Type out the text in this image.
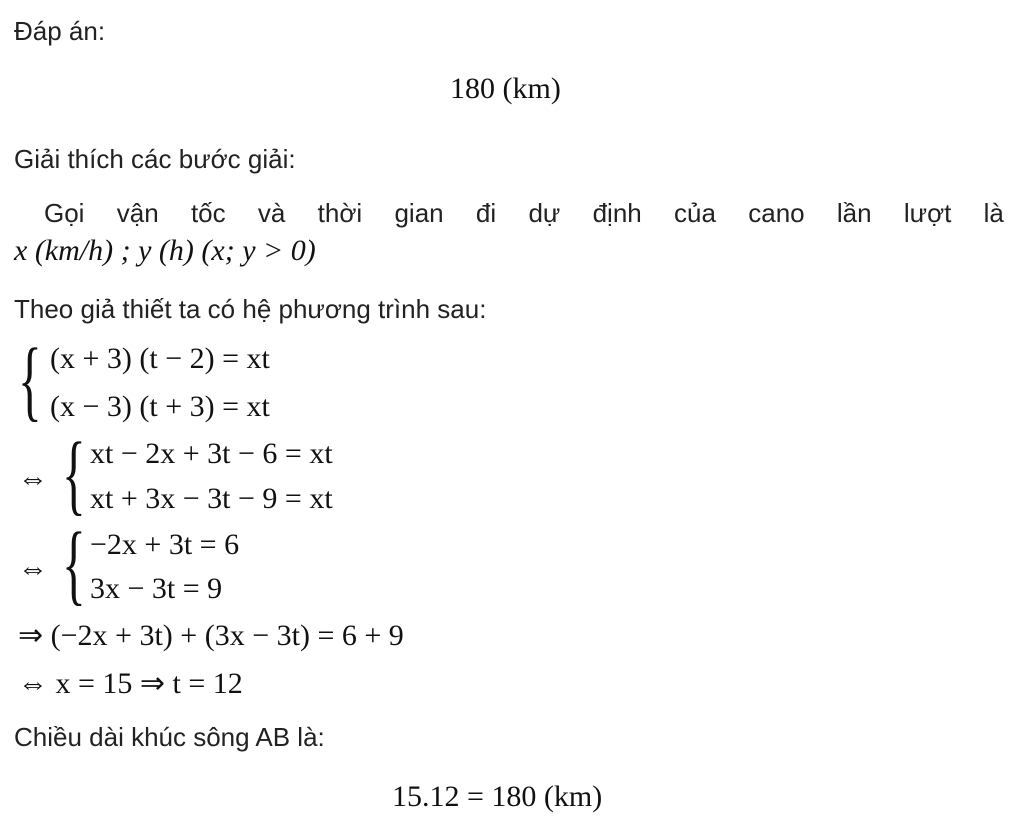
Đáp án:
180 (km)
Giải thích các bước giải:
Gọi vận tốc và thời gian đi dự định của cano lần lượt là
x (km/h) ; y (h) (x; y > 0)
Theo giả thiết ta có hệ phương trình sau:
{ (x + 3) (t − 2) = xt
(x − 3) (t + 3) = xt
⇔ { xt − 2x + 3t − 6 = xt
xt + 3x − 3t − 9 = xt
⇔ { −2x + 3t = 6
3x − 3t = 9
⇒ (−2x + 3t) + (3x − 3t) = 6 + 9
⇔ x = 15 ⇒ t = 12
Chiều dài khúc sông AB là:
15.12 = 180 (km)
